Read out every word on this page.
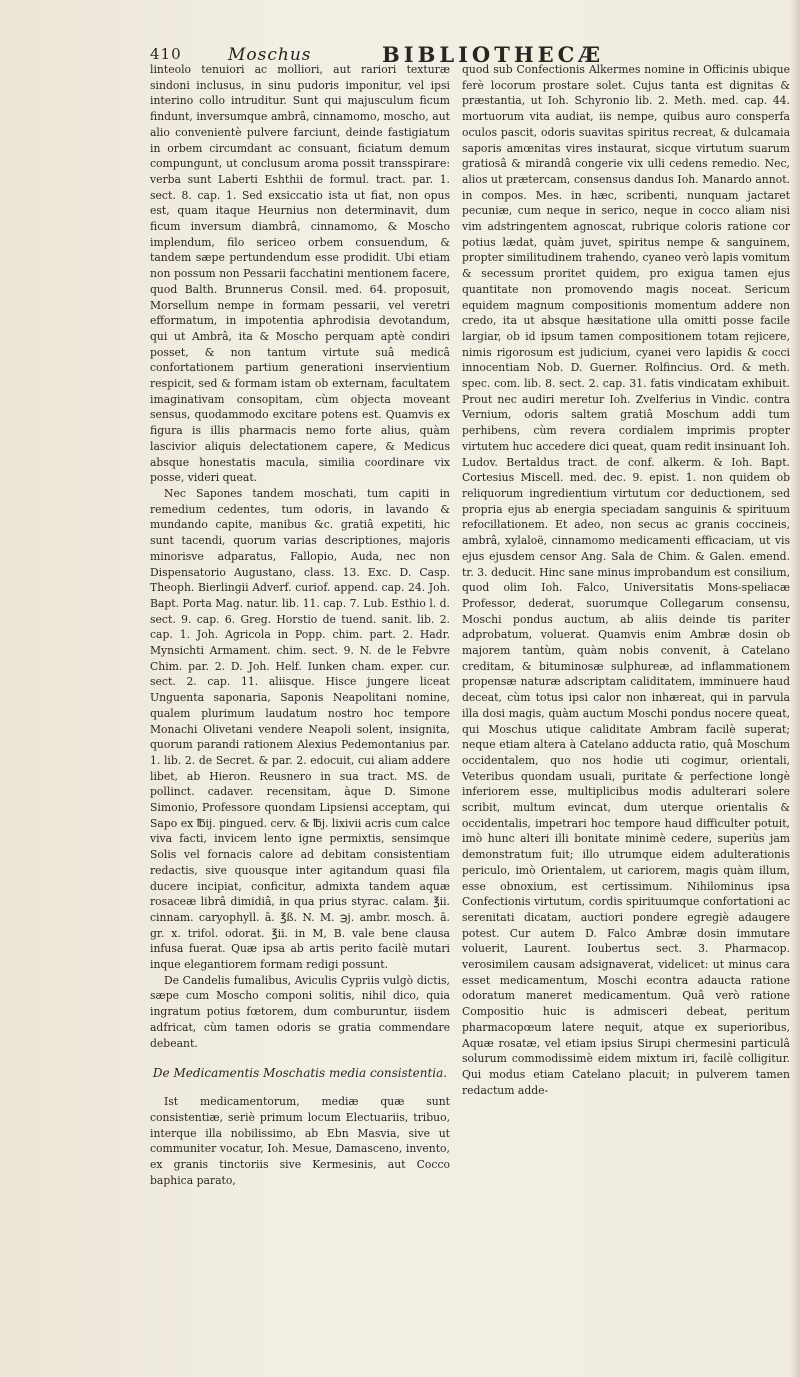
410	Moschus	BIBLIOTHECÆ

linteolo tenuiori ac molliori, aut rariori texturæ sindoni inclusus, in sinu pudoris imponitur, vel ipsi interino collo intruditur. Sunt qui majusculum ficum findunt, inversumque ambrâ, cinnamomo, moscho, aut alio convenientè pulvere farciunt, deinde fastigiatum in orbem circumdant ac consuant, ficiatum demum compungunt, ut conclusum aroma possit transspirare: verba sunt Laberti Eshthii de formul. tract. par. 1. sect. 8. cap. 1. Sed exsiccatio ista ut fiat, non opus est, quam itaque Heurnius non determinavit, dum ficum inversum diambrâ, cinnamomo, & Moscho implendum, filo sericeo orbem consuendum, & tandem sæpe pertundendum esse prodidit. Ubi etiam non possum non Pessarii facchatini mentionem facere, quod Balth. Brunnerus Consil. med. 64. proposuit, Morsellum nempe in formam pessarii, vel veretri efformatum, in impotentia aphrodisia devotandum, qui ut Ambrâ, ita & Moscho perquam aptè condiri posset, & non tantum virtute suâ medicâ confortationem partium generationi inservientium respicit, sed & formam istam ob externam, facultatem imaginativam consopitam, cùm objecta moveant sensus, quodammodo excitare potens est. Quamvis ex figura is illis pharmacis nemo forte alius, quàm lascivior aliquis delectationem capere, & Medicus absque honestatis macula, similia coordinare vix posse, videri queat.

Nec Sapones tandem moschati, tum capiti in remedium cedentes, tum odoris, in lavando & mundando capite, manibus &c. gratiâ expetiti, hic sunt tacendi, quorum varias descriptiones, majoris minorisve adparatus, Fallopio, Auda, nec non Dispensatorio Augustano, class. 13. Exc. D. Casp. Theoph. Bierlingii Adverf. curiof. append. cap. 24. Joh. Bapt. Porta Mag. natur. lib. 11. cap. 7. Lub. Esthio l. d. sect. 9. cap. 6. Greg. Horstio de tuend. sanit. lib. 2. cap. 1. Joh. Agricola in Popp. chim. part. 2. Hadr. Mynsichti Armament. chim. sect. 9. N. de le Febvre Chim. par. 2. D. Joh. Helf. Iunken cham. exper. cur. sect. 2. cap. 11. aliisque. Hisce jungere liceat Unguenta saponaria, Saponis Neapolitani nomine, qualem plurimum laudatum nostro hoc tempore Monachi Olivetani vendere Neapoli solent, insignita, quorum parandi rationem Alexius Pedemontanius par. 1. lib. 2. de Secret. & par. 2. edocuit, cui aliam addere libet, ab Hieron. Reusnero in sua tract. MS. de pollinct. cadaver. recensitam, àque D. Simone Simonio, Professore quondam Lipsiensi acceptam, qui Sapo ex ℔ij. pingued. cerv. & ℔j. lixivii acris cum calce viva facti, invicem lento igne permixtis, sensimque Solis vel fornacis calore ad debitam consistentiam redactis, sive quousque inter agitandum quasi fila ducere incipiat, conficitur, admixta tandem aquæ rosaceæ librâ dimidiâ, in qua prius styrac. calam. ℥ii. cinnam. caryophyll. ā. ℥ß. N. M. ℈j. ambr. mosch. ā. gr. x. trifol. odorat. ℥ii. in M, B. vale bene clausa infusa fuerat. Quæ ipsa ab artis perito facilè mutari inque elegantiorem formam redigi possunt.

De Candelis fumalibus, Aviculis Cypriis vulgò dictis, sæpe cum Moscho componi solitis, nihil dico, quia ingratum potius fœtorem, dum comburuntur, iisdem adfricat, cùm tamen odoris se gratia commendare debeant.

De Medicamentis Moschatis media consistentia.

Ist medicamentorum, mediæ quæ sunt consistentiæ, seriè primum locum Electuariis, tribuo, interque illa nobilissimo, ab Ebn Masvia, sive ut communiter vocatur, Ioh. Mesue, Damasceno, invento, ex granis tinctoriis sive Kermesinis, aut Cocco baphica parato,

quod sub Confectionis Alkermes nomine in Officinis ubique ferè locorum prostare solet. Cujus tanta est dignitas & præstantia, ut Ioh. Schyronio lib. 2. Meth. med. cap. 44. mortuorum vita audiat, iis nempe, quibus auro consperfa oculos pascit, odoris suavitas spiritus recreat, & dulcamaia saporis amœnitas vires instaurat, sicque virtutum suarum gratiosâ & mirandâ congerie vix ulli cedens remedio. Nec, alios ut prætercam, consensus dandus Ioh. Manardo annot. in compos. Mes. in hæc, scribenti, nunquam jactaret pecuniæ, cum neque in serico, neque in cocco aliam nisi vim adstringentem agnoscat, rubrique coloris ratione cor potius lædat, quàm juvet, spiritus nempe & sanguinem, propter similitudinem trahendo, cyaneo verò lapis vomitum & secessum proritet quidem, pro exigua tamen ejus quantitate non promovendo magis noceat. Sericum equidem magnum compositionis momentum addere non credo, ita ut absque hæsitatione ulla omitti posse facile largiar, ob id ipsum tamen compositionem totam rejicere, nimis rigorosum est judicium, cyanei vero lapidis & cocci innocentiam Nob. D. Guerner. Rolfincius. Ord. & meth. spec. com. lib. 8. sect. 2. cap. 31. fatis vindicatam exhibuit. Prout nec audiri meretur Ioh. Zvelferius in Vindic. contra Vernium, odoris saltem gratiâ Moschum addi tum perhibens, cùm revera cordialem imprimis propter virtutem huc accedere dici queat, quam redit insinuant Ioh. Ludov. Bertaldus tract. de conf. alkerm. & Ioh. Bapt. Cortesius Miscell. med. dec. 9. epist. 1. non quidem ob reliquorum ingredientium virtutum cor deductionem, sed propria ejus ab energia speciadam sanguinis & spirituum refocillationem. Et adeo, non secus ac granis coccineis, ambrâ, xylaloë, cinnamomo medicamenti efficaciam, ut vis ejus ejusdem censor Ang. Sala de Chim. & Galen. emend. tr. 3. deducit. Hinc sane minus improbandum est consilium, quod olim Ioh. Falco, Universitatis Mons-speliacæ Professor, dederat, suorumque Collegarum consensu, Moschi pondus auctum, ab aliis deinde tis pariter adprobatum, voluerat. Quamvis enim Ambræ dosin ob majorem tantùm, quàm nobis convenit, à Catelano creditam, & bituminosæ sulphureæ, ad inflammationem propensæ naturæ adscriptam caliditatem, imminuere haud deceat, cùm totus ipsi calor non inhæreat, qui in parvula illa dosi magis, quàm auctum Moschi pondus nocere queat, qui Moschus utique caliditate Ambram facilè superat; neque etiam altera à Catelano adducta ratio, quâ Moschum occidentalem, quo nos hodie uti cogimur, orientali, Veteribus quondam usuali, puritate & perfectione longè inferiorem esse, multiplicibus modis adulterari solere scribit, multum evincat, dum uterque orientalis & occidentalis, impetrari hoc tempore haud difficulter potuit, imò hunc alteri illi bonitate minimè cedere, superiùs jam demonstratum fuit; illo utrumque eidem adulterationis periculo, imò Orientalem, ut cariorem, magis quàm illum, esse obnoxium, est certissimum. Nihilominus ipsa Confectionis virtutum, cordis spirituumque confortationi ac serenitati dicatam, auctiori pondere egregiè adaugere potest. Cur autem D. Falco Ambræ dosin immutare voluerit, Laurent. Ioubertus sect. 3. Pharmacop. verosimilem causam adsignaverat, videlicet: ut minus cara esset medicamentum, Moschi econtra adaucta ratione odoratum maneret medicamentum. Quâ verò ratione Compositio huic is admisceri debeat, peritum pharmacopœum latere nequit, atque ex superioribus, Aquæ rosatæ, vel etiam ipsius Sirupi chermesini particulâ solurum commodissimè eidem mixtum iri, facilè colligitur. Qui modus etiam Catelano placuit; in pulverem tamen redactum adde-
